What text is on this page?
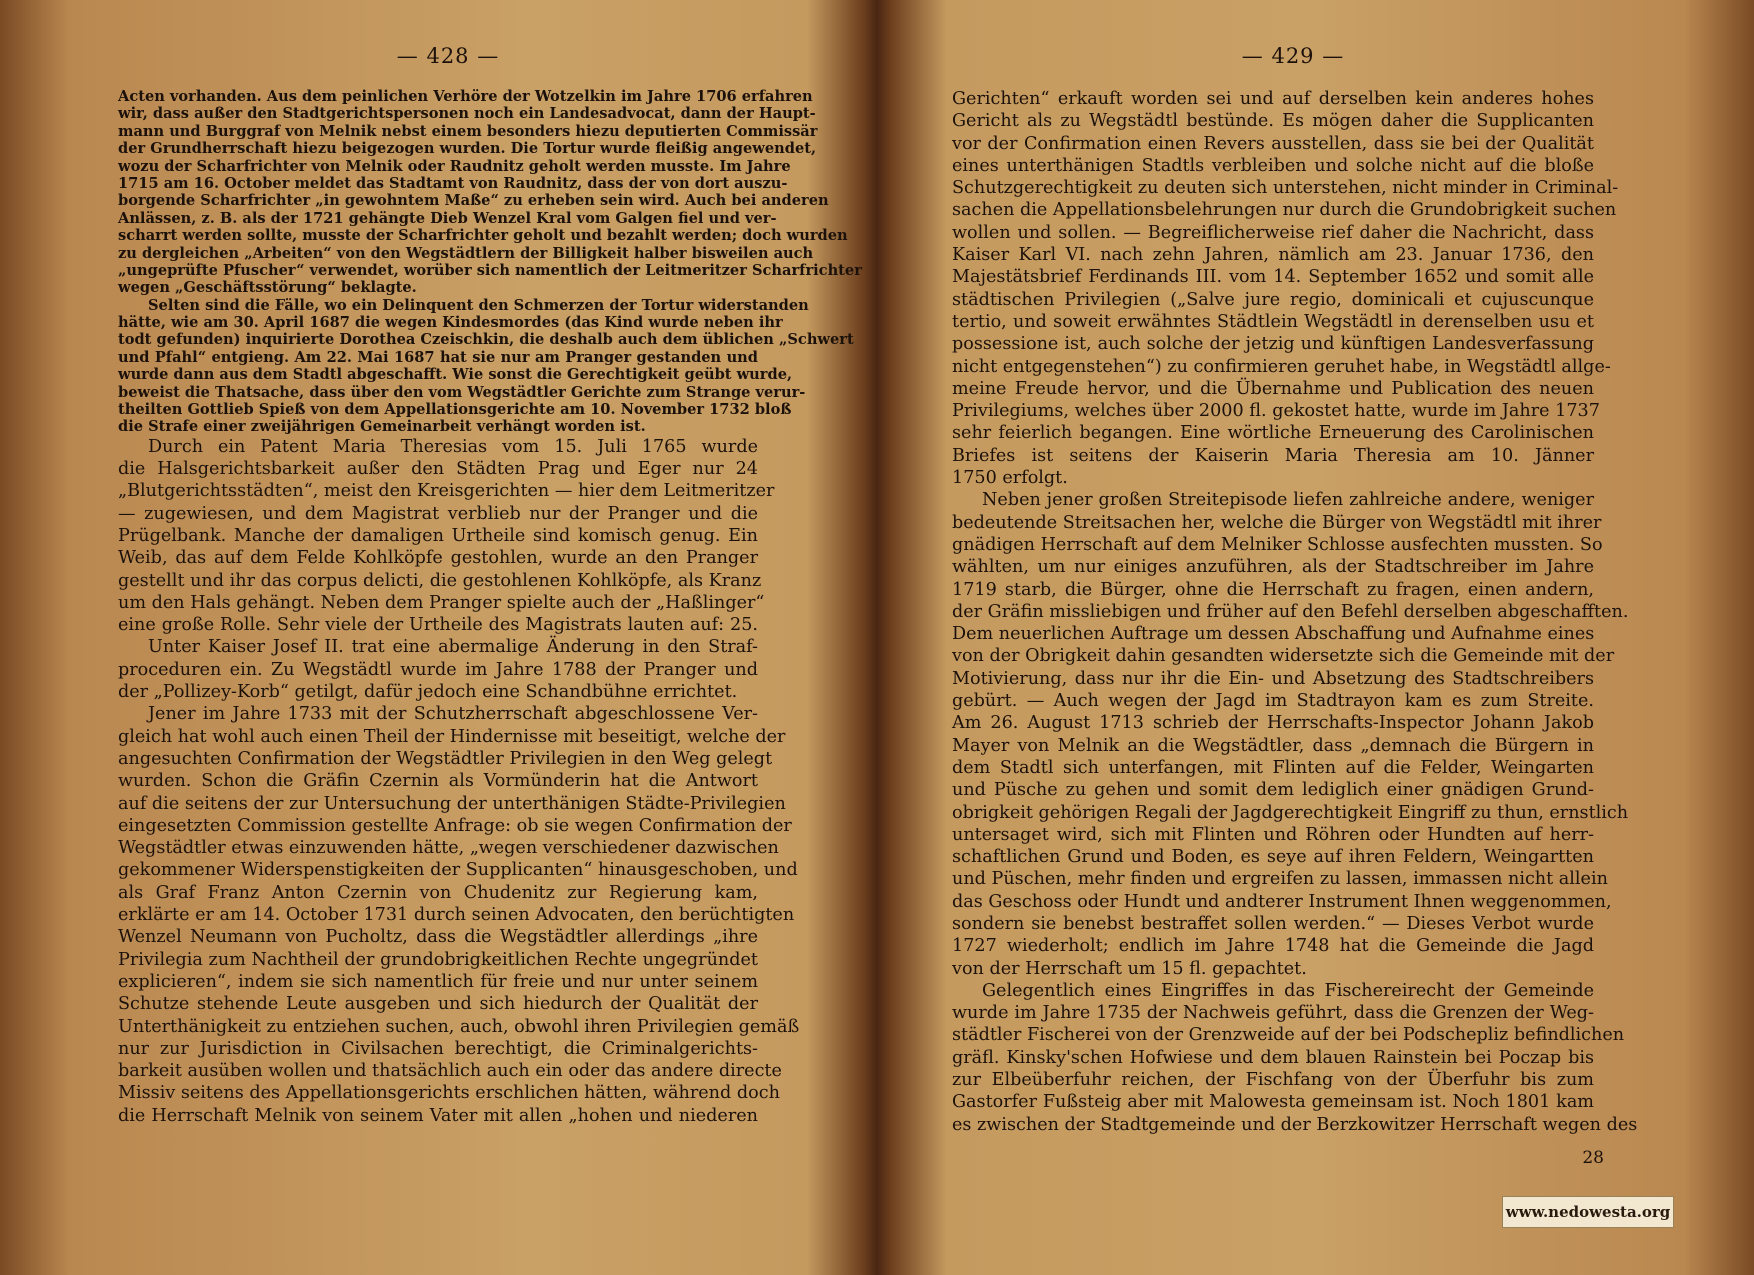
— 428 —
Acten vorhanden. Aus dem peinlichen Verhöre der Wotzelkin im Jahre 1706 erfahren
wir, dass außer den Stadtgerichtspersonen noch ein Landesadvocat, dann der Haupt-
mann und Burggraf von Melnik nebst einem besonders hiezu deputierten Commissär
der Grundherrschaft hiezu beigezogen wurden. Die Tortur wurde fleißig angewendet,
wozu der Scharfrichter von Melnik oder Raudnitz geholt werden musste. Im Jahre
1715 am 16. October meldet das Stadtamt von Raudnitz, dass der von dort auszu-
borgende Scharfrichter „in gewohntem Maße“ zu erheben sein wird. Auch bei anderen
Anlässen, z. B. als der 1721 gehängte Dieb Wenzel Kral vom Galgen fiel und ver-
scharrt werden sollte, musste der Scharfrichter geholt und bezahlt werden; doch wurden
zu dergleichen „Arbeiten“ von den Wegstädtlern der Billigkeit halber bisweilen auch
„ungeprüfte Pfuscher“ verwendet, worüber sich namentlich der Leitmeritzer Scharfrichter
wegen „Geschäftsstörung“ beklagte.
Selten sind die Fälle, wo ein Delinquent den Schmerzen der Tortur widerstanden
hätte, wie am 30. April 1687 die wegen Kindesmordes (das Kind wurde neben ihr
todt gefunden) inquirierte Dorothea Czeischkin, die deshalb auch dem üblichen „Schwert
und Pfahl“ entgieng. Am 22. Mai 1687 hat sie nur am Pranger gestanden und
wurde dann aus dem Stadtl abgeschafft. Wie sonst die Gerechtigkeit geübt wurde,
beweist die Thatsache, dass über den vom Wegstädtler Gerichte zum Strange verur-
theilten Gottlieb Spieß von dem Appellationsgerichte am 10. November 1732 bloß
die Strafe einer zweijährigen Gemeinarbeit verhängt worden ist.
Durch ein Patent Maria Theresias vom 15. Juli 1765 wurde
die Halsgerichtsbarkeit außer den Städten Prag und Eger nur 24
„Blutgerichtsstädten“, meist den Kreisgerichten — hier dem Leitmeritzer
— zugewiesen, und dem Magistrat verblieb nur der Pranger und die
Prügelbank. Manche der damaligen Urtheile sind komisch genug. Ein
Weib, das auf dem Felde Kohlköpfe gestohlen, wurde an den Pranger
gestellt und ihr das corpus delicti, die gestohlenen Kohlköpfe, als Kranz
um den Hals gehängt. Neben dem Pranger spielte auch der „Haßlinger“
eine große Rolle. Sehr viele der Urtheile des Magistrats lauten auf: 25.
Unter Kaiser Josef II. trat eine abermalige Änderung in den Straf-
proceduren ein. Zu Wegstädtl wurde im Jahre 1788 der Pranger und
der „Pollizey-Korb“ getilgt, dafür jedoch eine Schandbühne errichtet.
Jener im Jahre 1733 mit der Schutzherrschaft abgeschlossene Ver-
gleich hat wohl auch einen Theil der Hindernisse mit beseitigt, welche der
angesuchten Confirmation der Wegstädtler Privilegien in den Weg gelegt
wurden. Schon die Gräfin Czernin als Vormünderin hat die Antwort
auf die seitens der zur Untersuchung der unterthänigen Städte-Privilegien
eingesetzten Commission gestellte Anfrage: ob sie wegen Confirmation der
Wegstädtler etwas einzuwenden hätte, „wegen verschiedener dazwischen
gekommener Widerspenstigkeiten der Supplicanten“ hinausgeschoben, und
als Graf Franz Anton Czernin von Chudenitz zur Regierung kam,
erklärte er am 14. October 1731 durch seinen Advocaten, den berüchtigten
Wenzel Neumann von Pucholtz, dass die Wegstädtler allerdings „ihre
Privilegia zum Nachtheil der grundobrigkeitlichen Rechte ungegründet
explicieren“, indem sie sich namentlich für freie und nur unter seinem
Schutze stehende Leute ausgeben und sich hiedurch der Qualität der
Unterthänigkeit zu entziehen suchen, auch, obwohl ihren Privilegien gemäß
nur zur Jurisdiction in Civilsachen berechtigt, die Criminalgerichts-
barkeit ausüben wollen und thatsächlich auch ein oder das andere directe
Missiv seitens des Appellationsgerichts erschlichen hätten, während doch
die Herrschaft Melnik von seinem Vater mit allen „hohen und niederen
— 429 —
Gerichten“ erkauft worden sei und auf derselben kein anderes hohes
Gericht als zu Wegstädtl bestünde. Es mögen daher die Supplicanten
vor der Confirmation einen Revers ausstellen, dass sie bei der Qualität
eines unterthänigen Stadtls verbleiben und solche nicht auf die bloße
Schutzgerechtigkeit zu deuten sich unterstehen, nicht minder in Criminal-
sachen die Appellationsbelehrungen nur durch die Grundobrigkeit suchen
wollen und sollen. — Begreiflicherweise rief daher die Nachricht, dass
Kaiser Karl VI. nach zehn Jahren, nämlich am 23. Januar 1736, den
Majestätsbrief Ferdinands III. vom 14. September 1652 und somit alle
städtischen Privilegien („Salve jure regio, dominicali et cujuscunque
tertio, und soweit erwähntes Städtlein Wegstädtl in derenselben usu et
possessione ist, auch solche der jetzig und künftigen Landesverfassung
nicht entgegenstehen“) zu confirmieren geruhet habe, in Wegstädtl allge-
meine Freude hervor, und die Übernahme und Publication des neuen
Privilegiums, welches über 2000 fl. gekostet hatte, wurde im Jahre 1737
sehr feierlich begangen. Eine wörtliche Erneuerung des Carolinischen
Briefes ist seitens der Kaiserin Maria Theresia am 10. Jänner
1750 erfolgt.
Neben jener großen Streitepisode liefen zahlreiche andere, weniger
bedeutende Streitsachen her, welche die Bürger von Wegstädtl mit ihrer
gnädigen Herrschaft auf dem Melniker Schlosse ausfechten mussten. So
wählten, um nur einiges anzuführen, als der Stadtschreiber im Jahre
1719 starb, die Bürger, ohne die Herrschaft zu fragen, einen andern,
der Gräfin missliebigen und früher auf den Befehl derselben abgeschafften.
Dem neuerlichen Auftrage um dessen Abschaffung und Aufnahme eines
von der Obrigkeit dahin gesandten widersetzte sich die Gemeinde mit der
Motivierung, dass nur ihr die Ein- und Absetzung des Stadtschreibers
gebürt. — Auch wegen der Jagd im Stadtrayon kam es zum Streite.
Am 26. August 1713 schrieb der Herrschafts-Inspector Johann Jakob
Mayer von Melnik an die Wegstädtler, dass „demnach die Bürgern in
dem Stadtl sich unterfangen, mit Flinten auf die Felder, Weingarten
und Püsche zu gehen und somit dem lediglich einer gnädigen Grund-
obrigkeit gehörigen Regali der Jagdgerechtigkeit Eingriff zu thun, ernstlich
untersaget wird, sich mit Flinten und Röhren oder Hundten auf herr-
schaftlichen Grund und Boden, es seye auf ihren Feldern, Weingartten
und Püschen, mehr finden und ergreifen zu lassen, immassen nicht allein
das Geschoss oder Hundt und andterer Instrument Ihnen weggenommen,
sondern sie benebst bestraffet sollen werden.“ — Dieses Verbot wurde
1727 wiederholt; endlich im Jahre 1748 hat die Gemeinde die Jagd
von der Herrschaft um 15 fl. gepachtet.
Gelegentlich eines Eingriffes in das Fischereirecht der Gemeinde
wurde im Jahre 1735 der Nachweis geführt, dass die Grenzen der Weg-
städtler Fischerei von der Grenzweide auf der bei Podschepliz befindlichen
gräfl. Kinsky'schen Hofwiese und dem blauen Rainstein bei Poczap bis
zur Elbeüberfuhr reichen, der Fischfang von der Überfuhr bis zum
Gastorfer Fußsteig aber mit Malowesta gemeinsam ist. Noch 1801 kam
es zwischen der Stadtgemeinde und der Berzkowitzer Herrschaft wegen des
28
www.nedowesta.org
